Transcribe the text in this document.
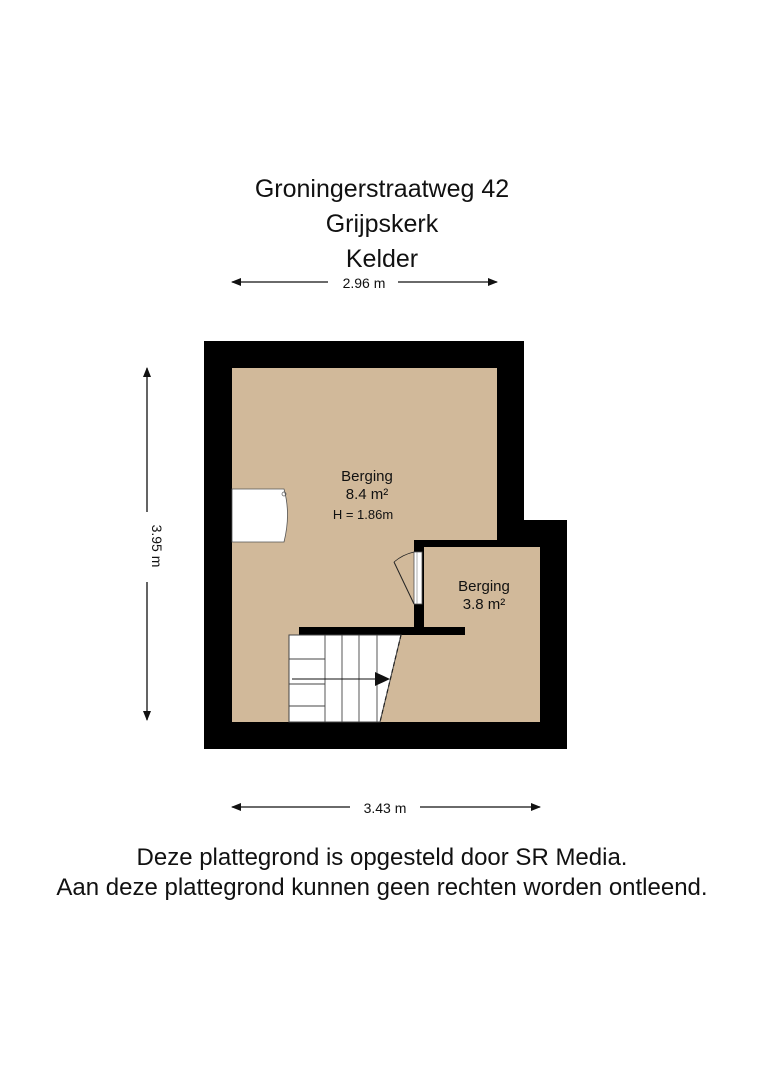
Groningerstraatweg 42
Grijpskerk
Kelder
2.96 m
3.95 m
3.43 m
Berging
8.4 m²
H = 1.86m
Berging
3.8 m²
Deze plattegrond is opgesteld door SR Media.
Aan deze plattegrond kunnen geen rechten worden ontleend.
